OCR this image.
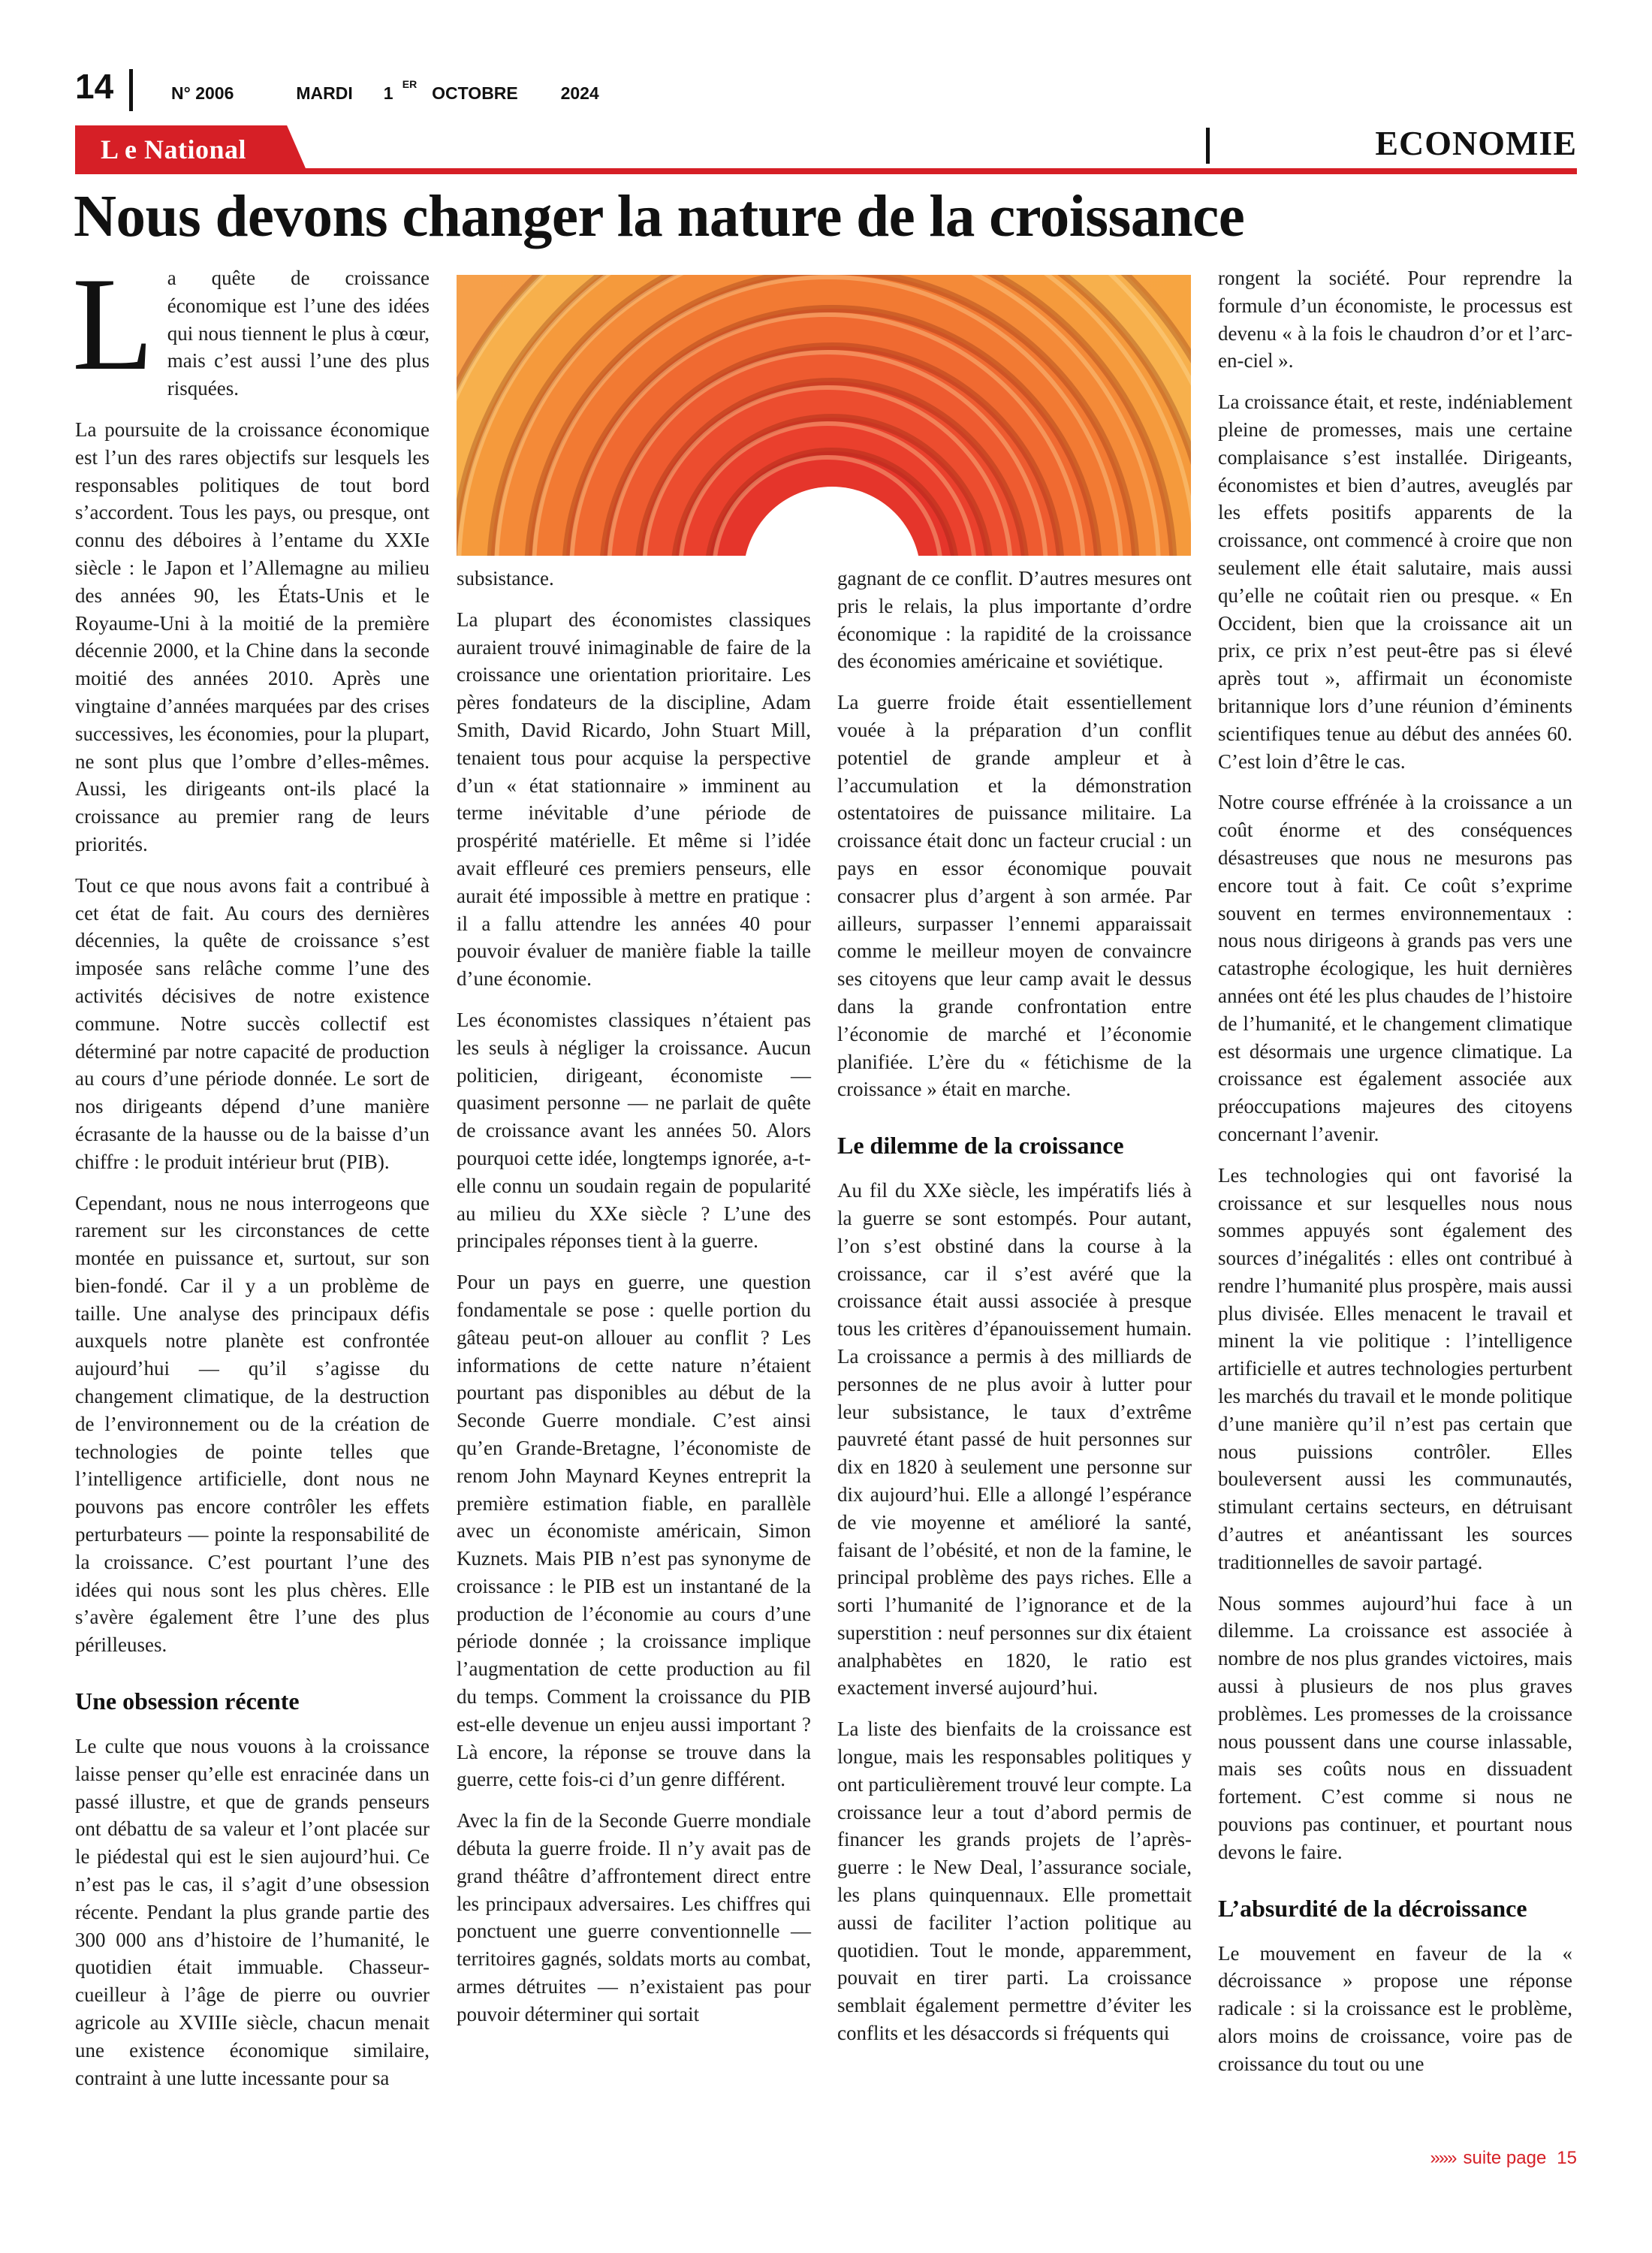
14	N° 2006	MARDI 1 ER OCTOBRE 2024
L e National	ECONOMIE
Nous devons changer la nature de la croissance
L a quête de croissance économique est l’une des idées qui nous tiennent le plus à cœur, mais c’est aussi l’une des plus risquées.

La poursuite de la croissance économique est l’un des rares objectifs sur lesquels les responsables politiques de tout bord s’accordent. Tous les pays, ou presque, ont connu des déboires à l’entame du XXIe siècle : le Japon et l’Allemagne au milieu des années 90, les États-Unis et le Royaume-Uni à la moitié de la première décennie 2000, et la Chine dans la seconde moitié des années 2010. Après une vingtaine d’années marquées par des crises successives, les économies, pour la plupart, ne sont plus que l’ombre d’elles-mêmes. Aussi, les dirigeants ont-ils placé la croissance au premier rang de leurs priorités.

Tout ce que nous avons fait a contribué à cet état de fait. Au cours des dernières décennies, la quête de croissance s’est imposée sans relâche comme l’une des activités décisives de notre existence commune. Notre succès collectif est déterminé par notre capacité de production au cours d’une période donnée. Le sort de nos dirigeants dépend d’une manière écrasante de la hausse ou de la baisse d’un chiffre : le produit intérieur brut (PIB).

Cependant, nous ne nous interrogeons que rarement sur les circonstances de cette montée en puissance et, surtout, sur son bien-fondé. Car il y a un problème de taille. Une analyse des principaux défis auxquels notre planète est confrontée aujourd’hui — qu’il s’agisse du changement climatique, de la destruction de l’environnement ou de la création de technologies de pointe telles que l’intelligence artificielle, dont nous ne pouvons pas encore contrôler les effets perturbateurs — pointe la responsabilité de la croissance. C’est pourtant l’une des idées qui nous sont les plus chères. Elle s’avère également être l’une des plus périlleuses.

Une obsession récente

Le culte que nous vouons à la croissance laisse penser qu’elle est enracinée dans un passé illustre, et que de grands penseurs ont débattu de sa valeur et l’ont placée sur le piédestal qui est le sien aujourd’hui. Ce n’est pas le cas, il s’agit d’une obsession récente. Pendant la plus grande partie des 300 000 ans d’histoire de l’humanité, le quotidien était immuable. Chasseur-cueilleur à l’âge de pierre ou ouvrier agricole au XVIIIe siècle, chacun menait une existence économique similaire, contraint à une lutte incessante pour sa

subsistance.

La plupart des économistes classiques auraient trouvé inimaginable de faire de la croissance une orientation prioritaire. Les pères fondateurs de la discipline, Adam Smith, David Ricardo, John Stuart Mill, tenaient tous pour acquise la perspective d’un « état stationnaire » imminent au terme inévitable d’une période de prospérité matérielle. Et même si l’idée avait effleuré ces premiers penseurs, elle aurait été impossible à mettre en pratique : il a fallu attendre les années 40 pour pouvoir évaluer de manière fiable la taille d’une économie.

Les économistes classiques n’étaient pas les seuls à négliger la croissance. Aucun politicien, dirigeant, économiste — quasiment personne — ne parlait de quête de croissance avant les années 50. Alors pourquoi cette idée, longtemps ignorée, a-t-elle connu un soudain regain de popularité au milieu du XXe siècle ? L’une des principales réponses tient à la guerre.

Pour un pays en guerre, une question fondamentale se pose : quelle portion du gâteau peut-on allouer au conflit ? Les informations de cette nature n’étaient pourtant pas disponibles au début de la Seconde Guerre mondiale. C’est ainsi qu’en Grande-Bretagne, l’économiste de renom John Maynard Keynes entreprit la première estimation fiable, en parallèle avec un économiste américain, Simon Kuznets. Mais PIB n’est pas synonyme de croissance : le PIB est un instantané de la production de l’économie au cours d’une période donnée ; la croissance implique l’augmentation de cette production au fil du temps. Comment la croissance du PIB est-elle devenue un enjeu aussi important ? Là encore, la réponse se trouve dans la guerre, cette fois-ci d’un genre différent.

Avec la fin de la Seconde Guerre mondiale débuta la guerre froide. Il n’y avait pas de grand théâtre d’affrontement direct entre les principaux adversaires. Les chiffres qui ponctuent une guerre conventionnelle — territoires gagnés, soldats morts au combat, armes détruites — n’existaient pas pour pouvoir déterminer qui sortait

gagnant de ce conflit. D’autres mesures ont pris le relais, la plus importante d’ordre économique : la rapidité de la croissance des économies américaine et soviétique.

La guerre froide était essentiellement vouée à la préparation d’un conflit potentiel de grande ampleur et à l’accumulation et la démonstration ostentatoires de puissance militaire. La croissance était donc un facteur crucial : un pays en essor économique pouvait consacrer plus d’argent à son armée. Par ailleurs, surpasser l’ennemi apparaissait comme le meilleur moyen de convaincre ses citoyens que leur camp avait le dessus dans la grande confrontation entre l’économie de marché et l’économie planifiée. L’ère du « fétichisme de la croissance » était en marche.

Le dilemme de la croissance

Au fil du XXe siècle, les impératifs liés à la guerre se sont estompés. Pour autant, l’on s’est obstiné dans la course à la croissance, car il s’est avéré que la croissance était aussi associée à presque tous les critères d’épanouissement humain. La croissance a permis à des milliards de personnes de ne plus avoir à lutter pour leur subsistance, le taux d’extrême pauvreté étant passé de huit personnes sur dix en 1820 à seulement une personne sur dix aujourd’hui. Elle a allongé l’espérance de vie moyenne et amélioré la santé, faisant de l’obésité, et non de la famine, le principal problème des pays riches. Elle a sorti l’humanité de l’ignorance et de la superstition : neuf personnes sur dix étaient analphabètes en 1820, le ratio est exactement inversé aujourd’hui.

La liste des bienfaits de la croissance est longue, mais les responsables politiques y ont particulièrement trouvé leur compte. La croissance leur a tout d’abord permis de financer les grands projets de l’après-guerre : le New Deal, l’assurance sociale, les plans quinquennaux. Elle promettait aussi de faciliter l’action politique au quotidien. Tout le monde, apparemment, pouvait en tirer parti. La croissance semblait également permettre d’éviter les conflits et les désaccords si fréquents qui

rongent la société. Pour reprendre la formule d’un économiste, le processus est devenu « à la fois le chaudron d’or et l’arc-en-ciel ».

La croissance était, et reste, indéniablement pleine de promesses, mais une certaine complaisance s’est installée. Dirigeants, économistes et bien d’autres, aveuglés par les effets positifs apparents de la croissance, ont commencé à croire que non seulement elle était salutaire, mais aussi qu’elle ne coûtait rien ou presque. « En Occident, bien que la croissance ait un prix, ce prix n’est peut-être pas si élevé après tout », affirmait un économiste britannique lors d’une réunion d’éminents scientifiques tenue au début des années 60. C’est loin d’être le cas.

Notre course effrénée à la croissance a un coût énorme et des conséquences désastreuses que nous ne mesurons pas encore tout à fait. Ce coût s’exprime souvent en termes environnementaux : nous nous dirigeons à grands pas vers une catastrophe écologique, les huit dernières années ont été les plus chaudes de l’histoire de l’humanité, et le changement climatique est désormais une urgence climatique. La croissance est également associée aux préoccupations majeures des citoyens concernant l’avenir.

Les technologies qui ont favorisé la croissance et sur lesquelles nous nous sommes appuyés sont également des sources d’inégalités : elles ont contribué à rendre l’humanité plus prospère, mais aussi plus divisée. Elles menacent le travail et minent la vie politique : l’intelligence artificielle et autres technologies perturbent les marchés du travail et le monde politique d’une manière qu’il n’est pas certain que nous puissions contrôler. Elles bouleversent aussi les communautés, stimulant certains secteurs, en détruisant d’autres et anéantissant les sources traditionnelles de savoir partagé.

Nous sommes aujourd’hui face à un dilemme. La croissance est associée à nombre de nos plus grandes victoires, mais aussi à plusieurs de nos plus graves problèmes. Les promesses de la croissance nous poussent dans une course inlassable, mais ses coûts nous en dissuadent fortement. C’est comme si nous ne pouvions pas continuer, et pourtant nous devons le faire.

L’absurdité de la décroissance

Le mouvement en faveur de la « décroissance » propose une réponse radicale : si la croissance est le problème, alors moins de croissance, voire pas de croissance du tout ou une

»»» suite page 15
